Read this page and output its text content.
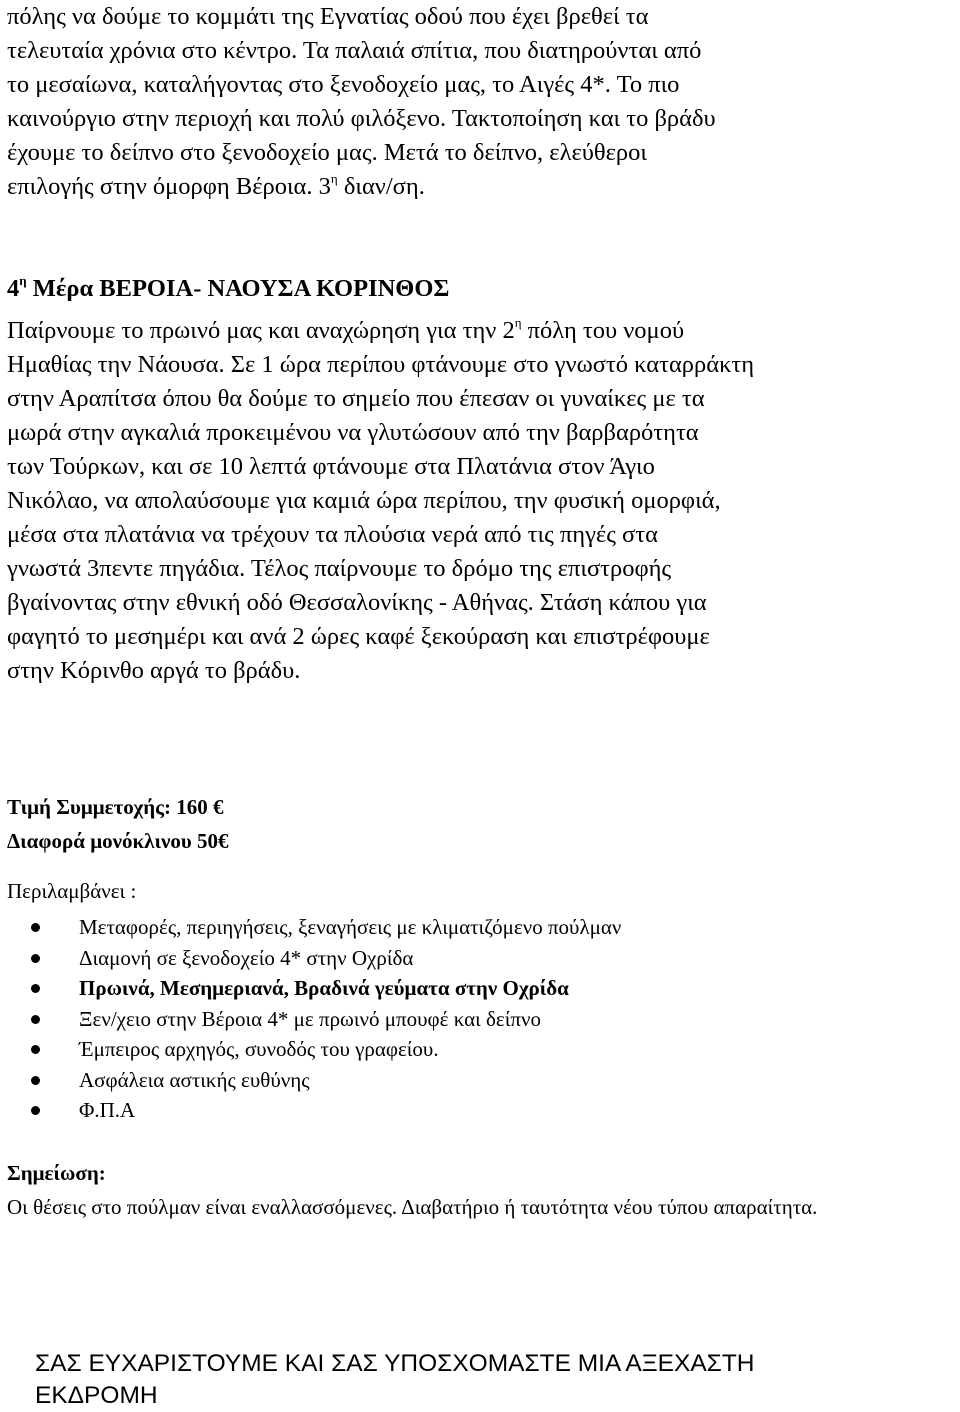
πόλης να δούμε το κομμάτι της Εγνατίας οδού που έχει βρεθεί τα
τελευταία χρόνια στο κέντρο. Τα παλαιά σπίτια, που διατηρούνται από
το μεσαίωνα, καταλήγοντας στο ξενοδοχείο μας, το Αιγές 4*. Το πιο
καινούργιο στην περιοχή και πολύ φιλόξενο. Τακτοποίηση και το βράδυ
έχουμε το δείπνο στο ξενοδοχείο μας. Μετά το δείπνο, ελεύθεροι
επιλογής στην όμορφη Βέροια. $3^\eta$ διαν/ση.
$4^\eta$ Μέρα ΒΕΡΟΙΑ- ΝΑΟΥΣΑ ΚΟΡΙΝΘΟΣ
Παίρνουμε το πρωινό μας και αναχώρηση για την $2^\eta$ πόλη του νομού
Ημαθίας την Νάουσα. Σε 1 ώρα περίπου φτάνουμε στο γνωστό καταρράκτη
στην Αραπίτσα όπου θα δούμε το σημείο που έπεσαν οι γυναίκες με τα
μωρά στην αγκαλιά προκειμένου να γλυτώσουν από την βαρβαρότητα
των Τούρκων, και σε 10 λεπτά φτάνουμε στα Πλατάνια στον Άγιο
Νικόλαο, να απολαύσουμε για καμιά ώρα περίπου, την φυσική ομορφιά,
μέσα στα πλατάνια να τρέχουν τα πλούσια νερά από τις πηγές στα
γνωστά 3πεντε πηγάδια. Τέλος παίρνουμε το δρόμο της επιστροφής
βγαίνοντας στην εθνική οδό Θεσσαλονίκης - Αθήνας. Στάση κάπου για
φαγητό το μεσημέρι και ανά 2 ώρες καφέ ξεκούραση και επιστρέφουμε
στην Κόρινθο αργά το βράδυ.
Τιμή Συμμετοχής: 160 €
Διαφορά μονόκλινου 50€
Περιλαμβάνει :
Μεταφορές, περιηγήσεις, ξεναγήσεις με κλιματιζόμενο πούλμαν
Διαμονή σε ξενοδοχείο 4* στην Οχρίδα
Πρωινά, Μεσημεριανά, Βραδινά γεύματα στην Οχρίδα
Ξεν/χειο στην Βέροια 4* με πρωινό μπουφέ και δείπνο
Έμπειρος αρχηγός, συνοδός του γραφείου.
Ασφάλεια αστικής ευθύνης
Φ.Π.Α
Σημείωση:
Οι θέσεις στο πούλμαν είναι εναλλασσόμενες. Διαβατήριο ή ταυτότητα νέου τύπου απαραίτητα.
ΣΑΣ ΕΥΧΑΡΙΣΤΟΥΜΕ ΚΑΙ ΣΑΣ ΥΠΟΣΧΟΜΑΣΤΕ ΜΙΑ ΑΞΕΧΑΣΤΗ
ΕΚΔΡΟΜΗ
